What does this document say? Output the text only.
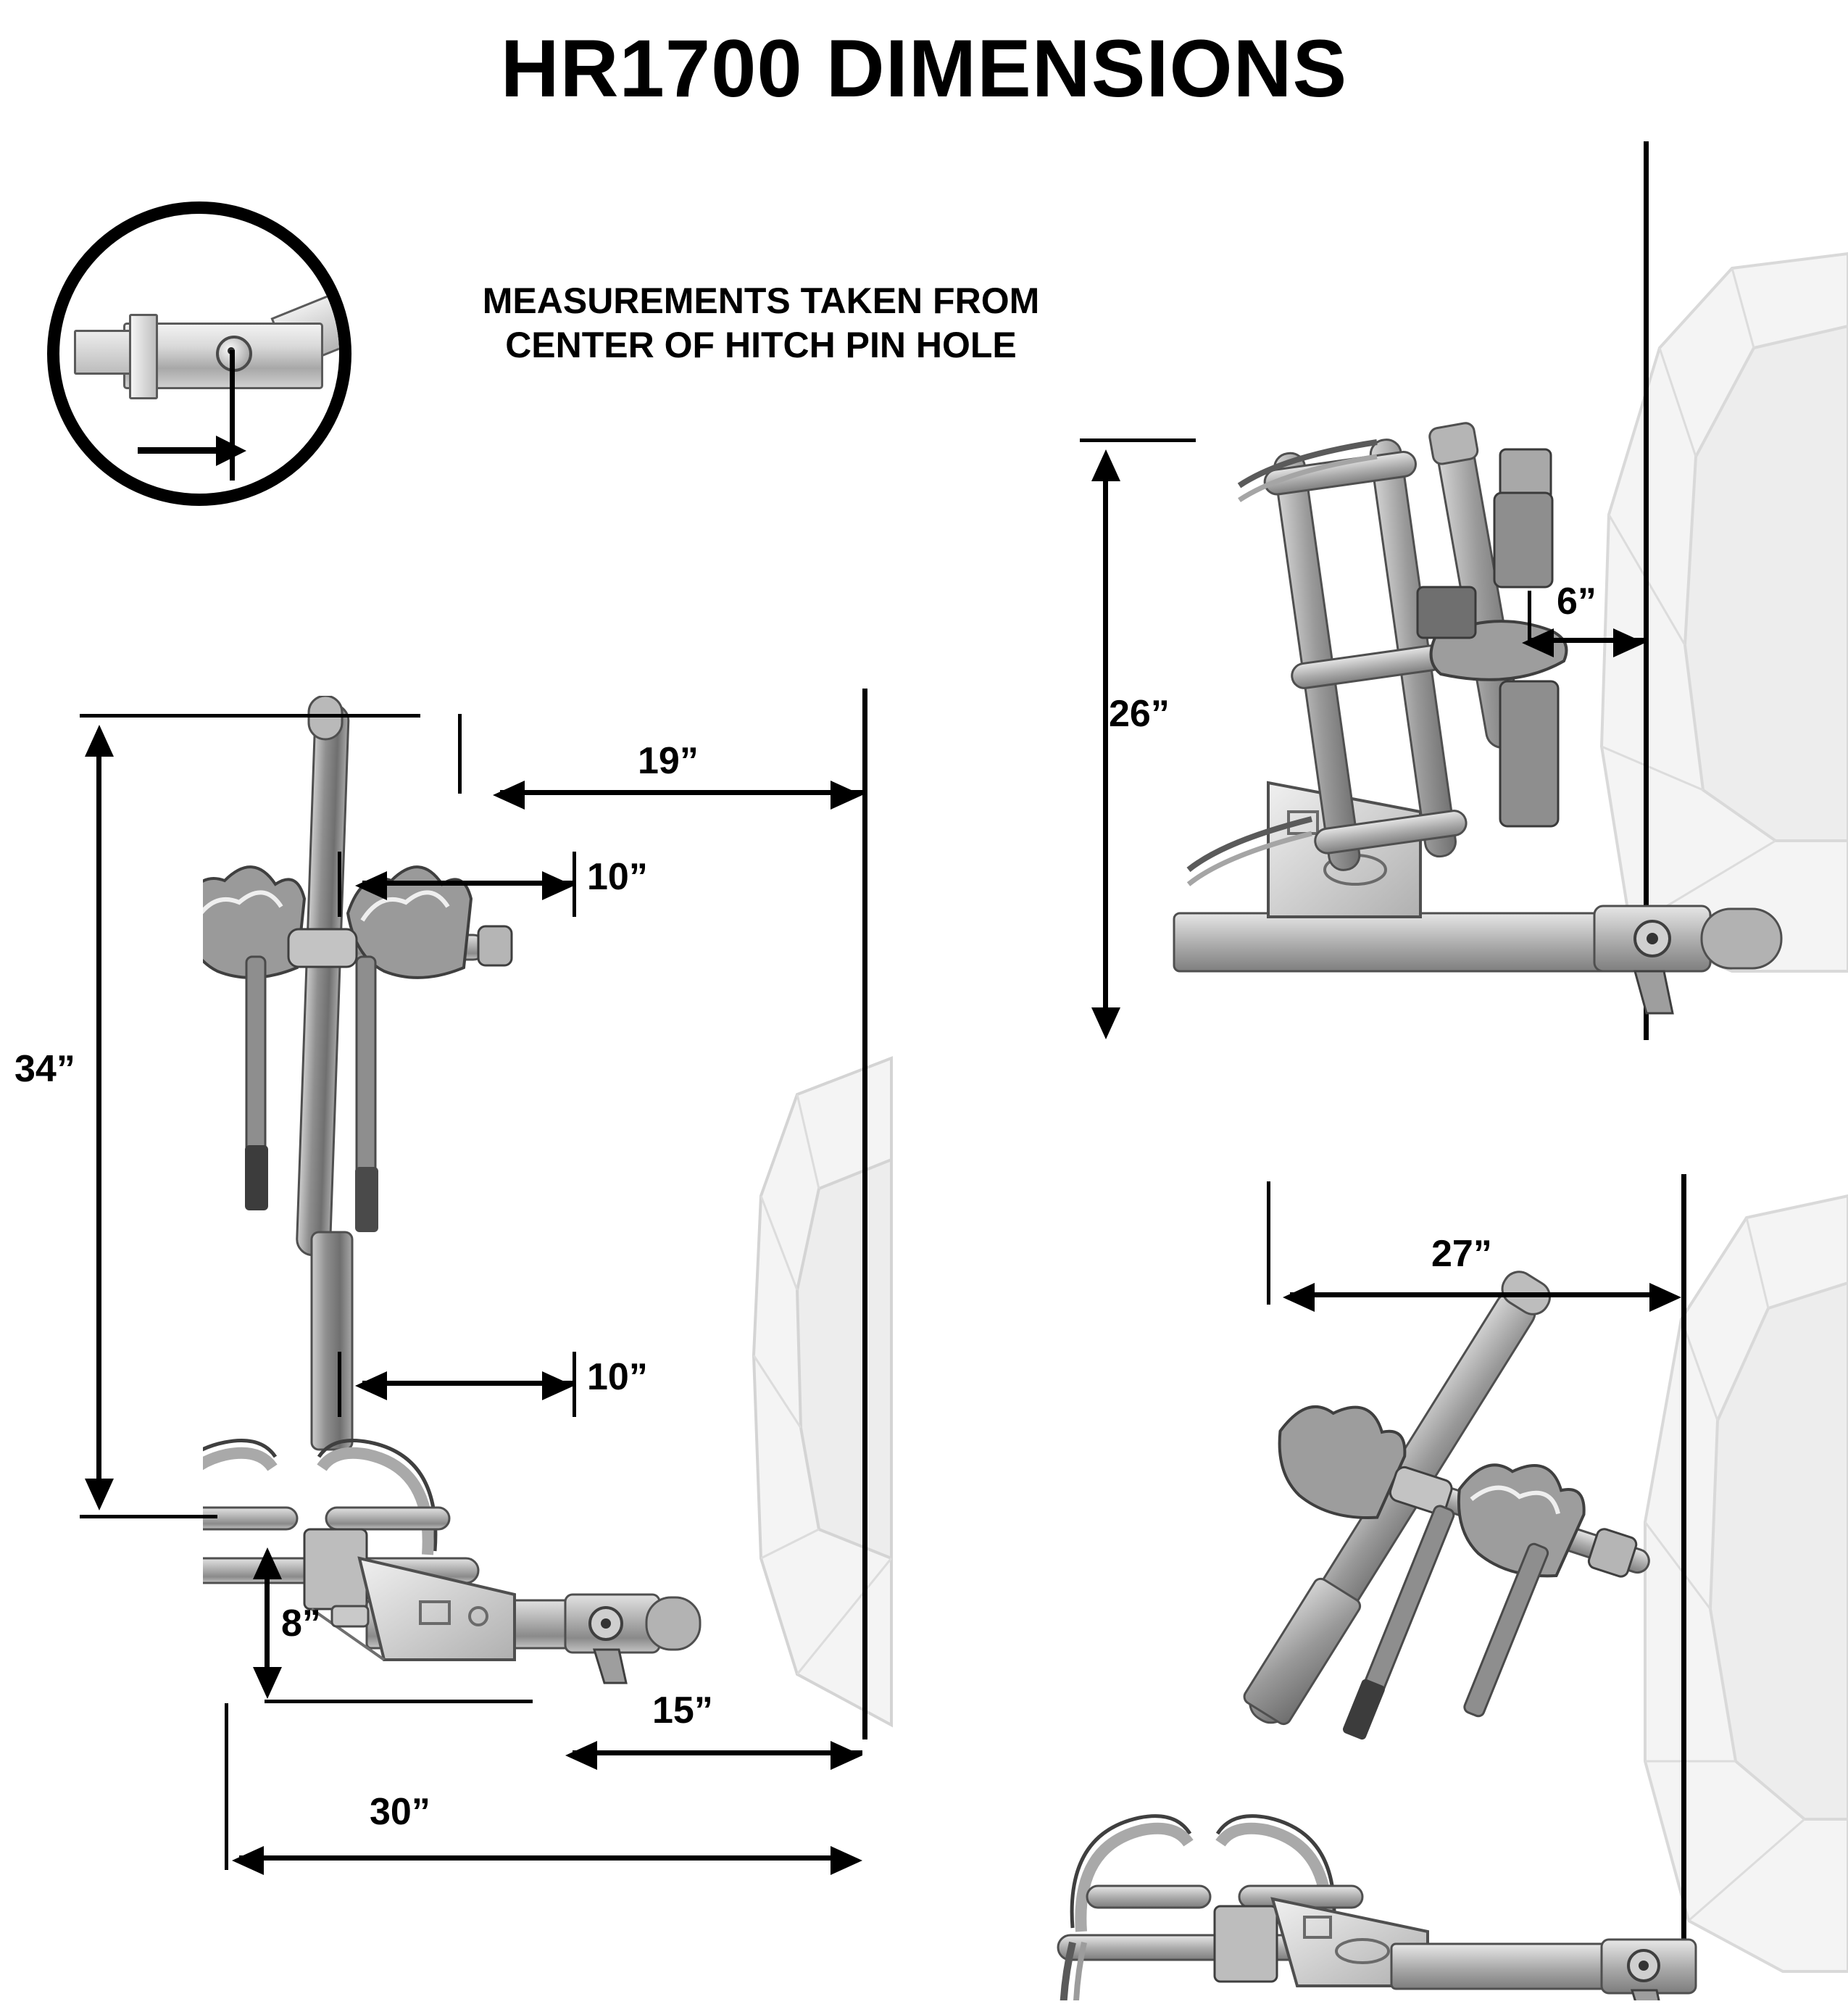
HR1700 DIMENSIONS
MEASUREMENTS TAKEN FROM
CENTER OF HITCH PIN HOLE
34”
19”
10”
10”
8”
15”
30”
26”
6”
27”
